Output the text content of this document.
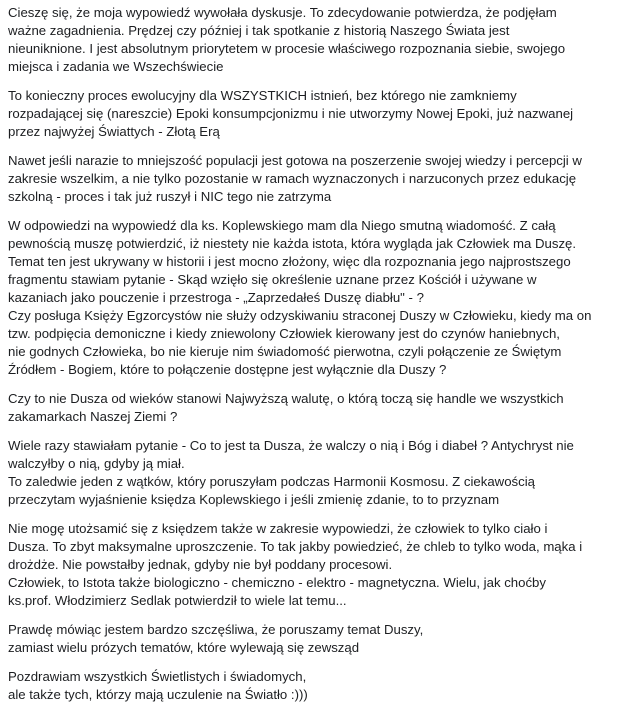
Cieszę się, że moja wypowiedź wywołała dyskusje. To zdecydowanie potwierdza, że podjęłam
ważne zagadnienia. Prędzej czy później i tak spotkanie z historią Naszego Świata jest
nieuniknione. I jest absolutnym priorytetem w procesie właściwego rozpoznania siebie, swojego
miejsca i zadania we Wszechświecie
To konieczny proces ewolucyjny dla WSZYSTKICH istnień, bez którego nie zamkniemy
rozpadającej się (nareszcie) Epoki konsumpcjonizmu i nie utworzymy Nowej Epoki, już nazwanej
przez najwyżej Świattych - Złotą Erą
Nawet jeśli narazie to mniejszość populacji jest gotowa na poszerzenie swojej wiedzy i percepcji w
zakresie wszelkim, a nie tylko pozostanie w ramach wyznaczonych i narzuconych przez edukację
szkolną - proces i tak już ruszył i NIC tego nie zatrzyma
W odpowiedzi na wypowiedź dla ks. Koplewskiego mam dla Niego smutną wiadomość. Z całą
pewnością muszę potwierdzić, iż niestety nie każda istota, która wygląda jak Człowiek ma Duszę.
Temat ten jest ukrywany w historii i jest mocno złożony, więc dla rozpoznania jego najprostszego
fragmentu stawiam pytanie - Skąd wzięło się określenie uznane przez Kościół i używane w
kazaniach jako pouczenie i przestroga - „Zaprzedałeś Duszę diabłu" - ?
Czy posługa Księży Egzorcystów nie służy odzyskiwaniu straconej Duszy w Człowieku, kiedy ma on
tzw. podpięcia demoniczne i kiedy zniewolony Człowiek kierowany jest do czynów haniebnych,
nie godnych Człowieka, bo nie kieruje nim świadomość pierwotna, czyli połączenie ze Świętym
Źródłem - Bogiem, które to połączenie dostępne jest wyłącznie dla Duszy ?
Czy to nie Dusza od wieków stanowi Najwyższą walutę, o którą toczą się handle we wszystkich
zakamarkach Naszej Ziemi ?
Wiele razy stawiałam pytanie - Co to jest ta Dusza, że walczy o nią i Bóg i diabeł ? Antychryst nie
walczyłby o nią, gdyby ją miał.
To zaledwie jeden z wątków, który poruszyłam podczas Harmonii Kosmosu. Z ciekawością
przeczytam wyjaśnienie księdza Koplewskiego i jeśli zmienię zdanie, to to przyznam
Nie mogę utożsamić się z księdzem także w zakresie wypowiedzi, że człowiek to tylko ciało i
Dusza. To zbyt maksymalne uproszczenie. To tak jakby powiedzieć, że chleb to tylko woda, mąka i
drożdże. Nie powstałby jednak, gdyby nie był poddany procesowi.
Człowiek, to Istota także biologiczno - chemiczno - elektro - magnetyczna. Wielu, jak choćby
ks.prof. Włodzimierz Sedlak potwierdził to wiele lat temu...
Prawdę mówiąc jestem bardzo szczęśliwa, że poruszamy temat Duszy,
zamiast wielu prózych tematów, które wylewają się zewsząd
Pozdrawiam wszystkich Świetlistych i świadomych,
ale także tych, którzy mają uczulenie na Światło :)))
